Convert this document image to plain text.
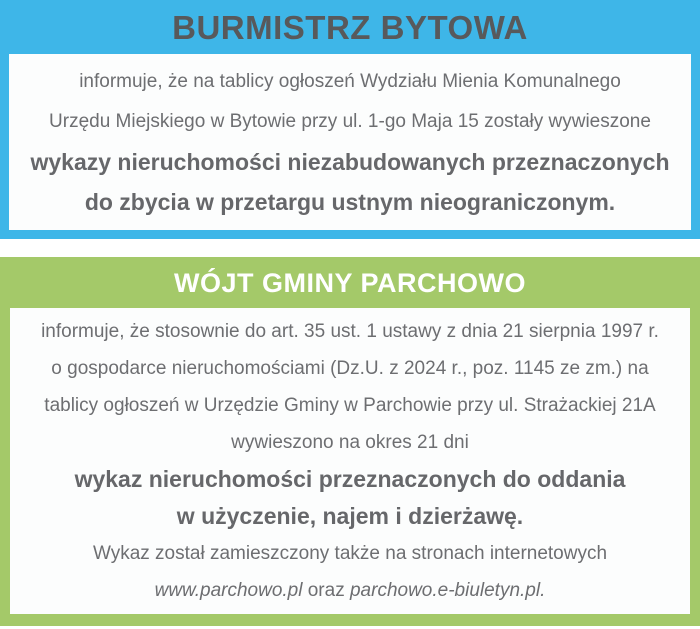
BURMISTRZ BYTOWA

informuje, że na tablicy ogłoszeń Wydziału Mienia Komunalnego

Urzędu Miejskiego w Bytowie przy ul. 1-go Maja 15 zostały wywieszone

wykazy nieruchomości niezabudowanych przeznaczonych

do zbycia w przetargu ustnym nieograniczonym.

WÓJT GMINY PARCHOWO

informuje, że stosownie do art. 35 ust. 1 ustawy z dnia 21 sierpnia 1997 r.

o gospodarce nieruchomościami (Dz.U. z 2024 r., poz. 1145 ze zm.) na

tablicy ogłoszeń w Urzędzie Gminy w Parchowie przy ul. Strażackiej 21A

wywieszono na okres 21 dni

wykaz nieruchomości przeznaczonych do oddania

w użyczenie, najem i dzierżawę.

Wykaz został zamieszczony także na stronach internetowych

www.parchowo.pl oraz parchowo.e-biuletyn.pl.
